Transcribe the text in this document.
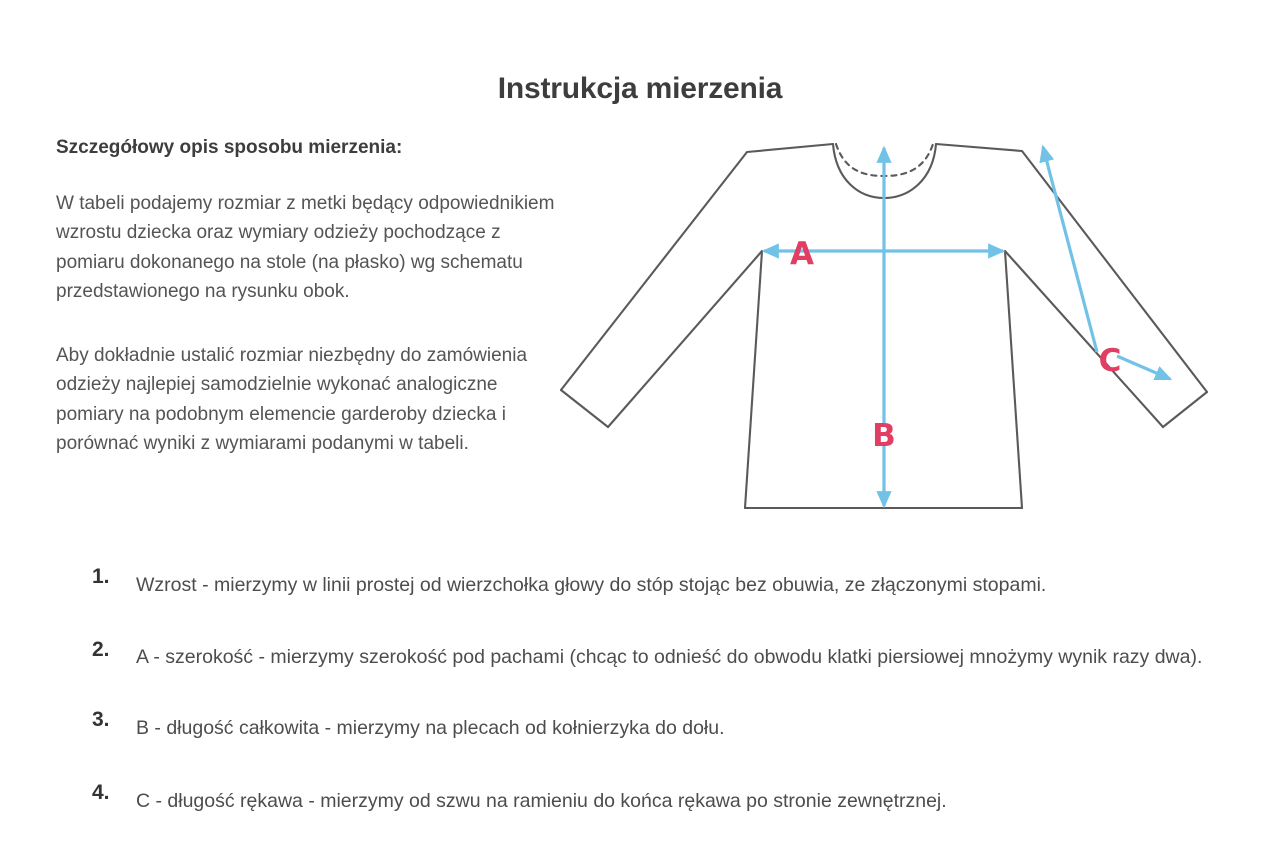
Instrukcja mierzenia

Szczegółowy opis sposobu mierzenia:

W tabeli podajemy rozmiar z metki będący odpowiednikiem wzrostu dziecka oraz wymiary odzieży pochodzące z pomiaru dokonanego na stole (na płasko) wg schematu przedstawionego na rysunku obok.

Aby dokładnie ustalić rozmiar niezbędny do zamówienia odzieży najlepiej samodzielnie wykonać analogiczne pomiary na podobnym elemencie garderoby dziecka i porównać wyniki z wymiarami podanymi w tabeli.

A
B
C
1.	Wzrost - mierzymy w linii prostej od wierzchołka głowy do stóp stojąc bez obuwia, ze złączonymi stopami.
2.	A - szerokość - mierzymy szerokość pod pachami (chcąc to odnieść do obwodu klatki piersiowej mnożymy wynik razy dwa).
3.	B - długość całkowita - mierzymy na plecach od kołnierzyka do dołu.
4.	C - długość rękawa - mierzymy od szwu na ramieniu do końca rękawa po stronie zewnętrznej.
